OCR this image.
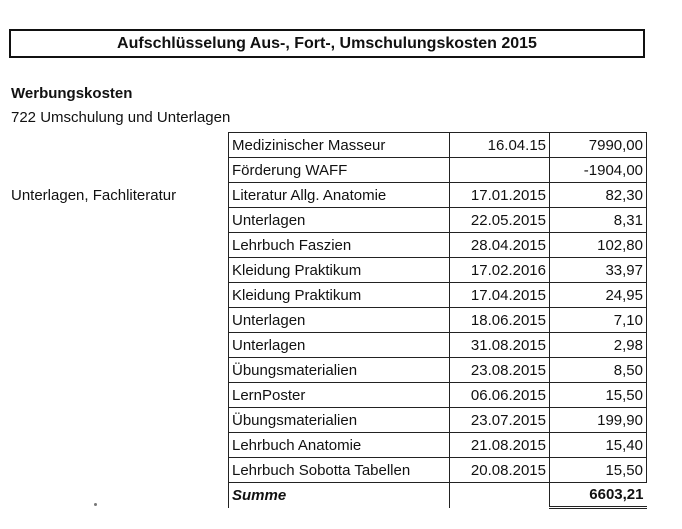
Aufschlüsselung Aus-, Fort-, Umschulungskosten 2015
Werbungskosten
722 Umschulung und Unterlagen
Unterlagen, Fachliteratur
Medizinischer Masseur	16.04.15	7990,00
Förderung WAFF		-1904,00
Literatur Allg. Anatomie	17.01.2015	82,30
Unterlagen	22.05.2015	8,31
Lehrbuch Faszien	28.04.2015	102,80
Kleidung Praktikum	17.02.2016	33,97
Kleidung Praktikum	17.04.2015	24,95
Unterlagen	18.06.2015	7,10
Unterlagen	31.08.2015	2,98
Übungsmaterialien	23.08.2015	8,50
LernPoster	06.06.2015	15,50
Übungsmaterialien	23.07.2015	199,90
Lehrbuch Anatomie	21.08.2015	15,40
Lehrbuch Sobotta Tabellen	20.08.2015	15,50
Summe		6603,21
